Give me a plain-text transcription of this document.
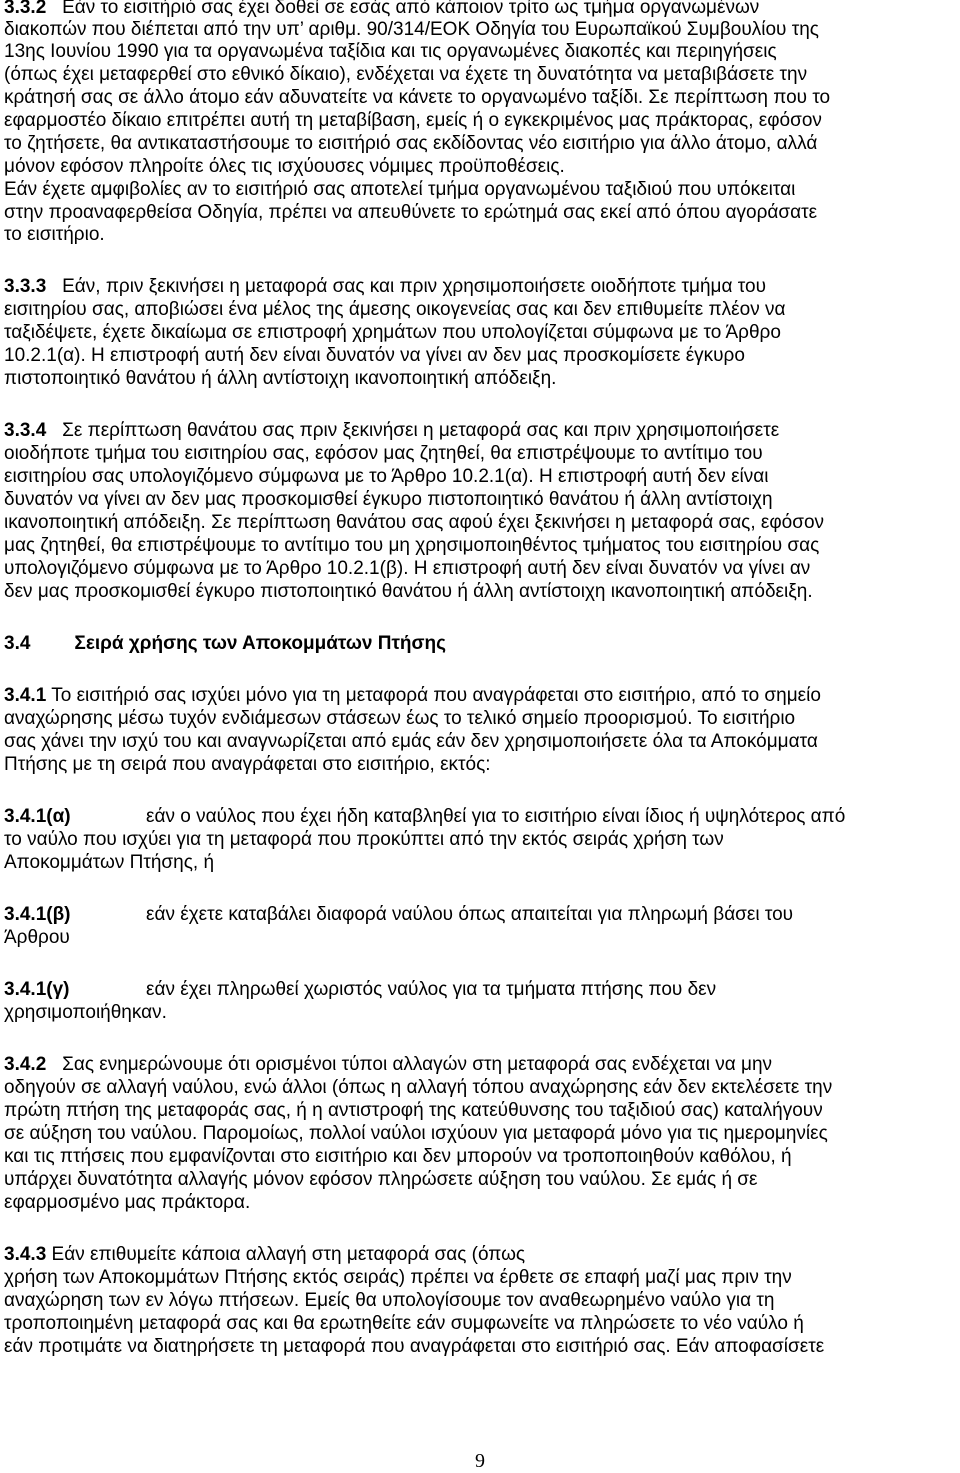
3.3.2 Εάν το εισιτήριό σας έχει δοθεί σε εσάς από κάποιον τρίτο ως τμήμα οργανωμένων
διακοπών που διέπεται από την υπ’ αριθμ. 90/314/ΕΟΚ Οδηγία του Ευρωπαϊκού Συμβουλίου της
13ης Ιουνίου 1990 για τα οργανωμένα ταξίδια και τις οργανωμένες διακοπές και περιηγήσεις
(όπως έχει μεταφερθεί στο εθνικό δίκαιο), ενδέχεται να έχετε τη δυνατότητα να μεταβιβάσετε την
κράτησή σας σε άλλο άτομο εάν αδυνατείτε να κάνετε το οργανωμένο ταξίδι. Σε περίπτωση που το
εφαρμοστέο δίκαιο επιτρέπει αυτή τη μεταβίβαση, εμείς ή ο εγκεκριμένος μας πράκτορας, εφόσον
το ζητήσετε, θα αντικαταστήσουμε το εισιτήριό σας εκδίδοντας νέο εισιτήριο για άλλο άτομο, αλλά
μόνον εφόσον πληροίτε όλες τις ισχύουσες νόμιμες προϋποθέσεις.
Εάν έχετε αμφιβολίες αν το εισιτήριό σας αποτελεί τμήμα οργανωμένου ταξιδιού που υπόκειται
στην προαναφερθείσα Οδηγία, πρέπει να απευθύνετε το ερώτημά σας εκεί από όπου αγοράσατε
το εισιτήριο.
3.3.3 Εάν, πριν ξεκινήσει η μεταφορά σας και πριν χρησιμοποιήσετε οιοδήποτε τμήμα του
εισιτηρίου σας, αποβιώσει ένα μέλος της άμεσης οικογενείας σας και δεν επιθυμείτε πλέον να
ταξιδέψετε, έχετε δικαίωμα σε επιστροφή χρημάτων που υπολογίζεται σύμφωνα με το Άρθρο
10.2.1(α). Η επιστροφή αυτή δεν είναι δυνατόν να γίνει αν δεν μας προσκομίσετε έγκυρο
πιστοποιητικό θανάτου ή άλλη αντίστοιχη ικανοποιητική απόδειξη.
3.3.4 Σε περίπτωση θανάτου σας πριν ξεκινήσει η μεταφορά σας και πριν χρησιμοποιήσετε
οιοδήποτε τμήμα του εισιτηρίου σας, εφόσον μας ζητηθεί, θα επιστρέψουμε το αντίτιμο του
εισιτηρίου σας υπολογιζόμενο σύμφωνα με το Άρθρο 10.2.1(α). Η επιστροφή αυτή δεν είναι
δυνατόν να γίνει αν δεν μας προσκομισθεί έγκυρο πιστοποιητικό θανάτου ή άλλη αντίστοιχη
ικανοποιητική απόδειξη. Σε περίπτωση θανάτου σας αφού έχει ξεκινήσει η μεταφορά σας, εφόσον
μας ζητηθεί, θα επιστρέψουμε το αντίτιμο του μη χρησιμοποιηθέντος τμήματος του εισιτηρίου σας
υπολογιζόμενο σύμφωνα με το Άρθρο 10.2.1(β). Η επιστροφή αυτή δεν είναι δυνατόν να γίνει αν
δεν μας προσκομισθεί έγκυρο πιστοποιητικό θανάτου ή άλλη αντίστοιχη ικανοποιητική απόδειξη.
3.4 Σειρά χρήσης των Αποκομμάτων Πτήσης
3.4.1 Το εισιτήριό σας ισχύει μόνο για τη μεταφορά που αναγράφεται στο εισιτήριο, από το σημείο
αναχώρησης μέσω τυχόν ενδιάμεσων στάσεων έως το τελικό σημείο προορισμού. Το εισιτήριο
σας χάνει την ισχύ του και αναγνωρίζεται από εμάς εάν δεν χρησιμοποιήσετε όλα τα Αποκόμματα
Πτήσης με τη σειρά που αναγράφεται στο εισιτήριο, εκτός:
3.4.1(α)	εάν ο ναύλος που έχει ήδη καταβληθεί για το εισιτήριο είναι ίδιος ή υψηλότερος από
το ναύλο που ισχύει για τη μεταφορά που προκύπτει από την εκτός σειράς χρήση των
Αποκομμάτων Πτήσης, ή
3.4.1(β)	εάν έχετε καταβάλει διαφορά ναύλου όπως απαιτείται για πληρωμή βάσει του
Άρθρου
3.4.1(γ)	εάν έχει πληρωθεί χωριστός ναύλος για τα τμήματα πτήσης που δεν
χρησιμοποιήθηκαν.
3.4.2 Σας ενημερώνουμε ότι ορισμένοι τύποι αλλαγών στη μεταφορά σας ενδέχεται να μην
οδηγούν σε αλλαγή ναύλου, ενώ άλλοι (όπως η αλλαγή τόπου αναχώρησης εάν δεν εκτελέσετε την
πρώτη πτήση της μεταφοράς σας, ή η αντιστροφή της κατεύθυνσης του ταξιδιού σας) καταλήγουν
σε αύξηση του ναύλου. Παρομοίως, πολλοί ναύλοι ισχύουν για μεταφορά μόνο για τις ημερομηνίες
και τις πτήσεις που εμφανίζονται στο εισιτήριο και δεν μπορούν να τροποποιηθούν καθόλου, ή
υπάρχει δυνατότητα αλλαγής μόνον εφόσον πληρώσετε αύξηση του ναύλου. Σε εμάς ή σε
εφαρμοσμένο μας πράκτορα.
3.4.3 Εάν επιθυμείτε κάποια αλλαγή στη μεταφορά σας (όπως
χρήση των Αποκομμάτων Πτήσης εκτός σειράς) πρέπει να έρθετε σε επαφή μαζί μας πριν την
αναχώρηση των εν λόγω πτήσεων. Εμείς θα υπολογίσουμε τον αναθεωρημένο ναύλο για τη
τροποποιημένη μεταφορά σας και θα ερωτηθείτε εάν συμφωνείτε να πληρώσετε το νέο ναύλο ή
εάν προτιμάτε να διατηρήσετε τη μεταφορά που αναγράφεται στο εισιτήριό σας. Εάν αποφασίσετε
9
